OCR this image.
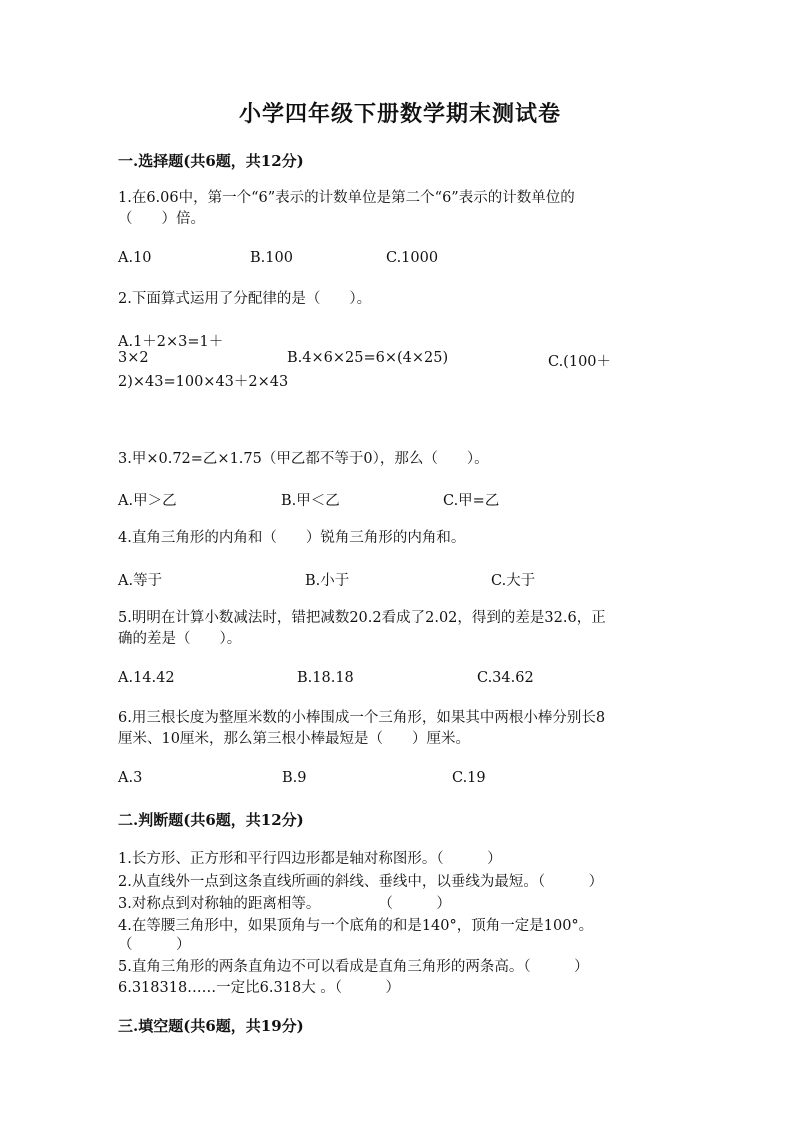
小学四年级下册数学期末测试卷
一.选择题(共6题，共12分)
1.在6.06中，第一个“6”表示的计数单位是第二个“6”表示的计数单位的
（　　）倍。
A.10	B.100	C.1000
2.下面算式运用了分配律的是（　　）。
A.1＋2×3=1＋
3×2	B.4×6×25=6×(4×25)	C.(100＋
2)×43=100×43＋2×43
3.甲×0.72=乙×1.75（甲乙都不等于0），那么（　　）。
A.甲＞乙	B.甲＜乙	C.甲=乙
4.直角三角形的内角和（　　）锐角三角形的内角和。
A.等于	B.小于	C.大于
5.明明在计算小数减法时，错把减数20.2看成了2.02，得到的差是32.6，正
确的差是（　　）。
A.14.42	B.18.18	C.34.62
6.用三根长度为整厘米数的小棒围成一个三角形，如果其中两根小棒分别长8
厘米、10厘米，那么第三根小棒最短是（　　）厘米。
A.3	B.9	C.19
二.判断题(共6题，共12分)
1.长方形、正方形和平行四边形都是轴对称图形。（　　　）
2.从直线外一点到这条直线所画的斜线、垂线中，以垂线为最短。（　　　）
3.对称点到对称轴的距离相等。　　　　　（　　　）
4.在等腰三角形中，如果顶角与一个底角的和是140°，顶角一定是100°。
（　　　）
5.直角三角形的两条直角边不可以看成是直角三角形的两条高。（　　　）
6.318318……一定比6.318大 。（　　　）
三.填空题(共6题，共19分)
